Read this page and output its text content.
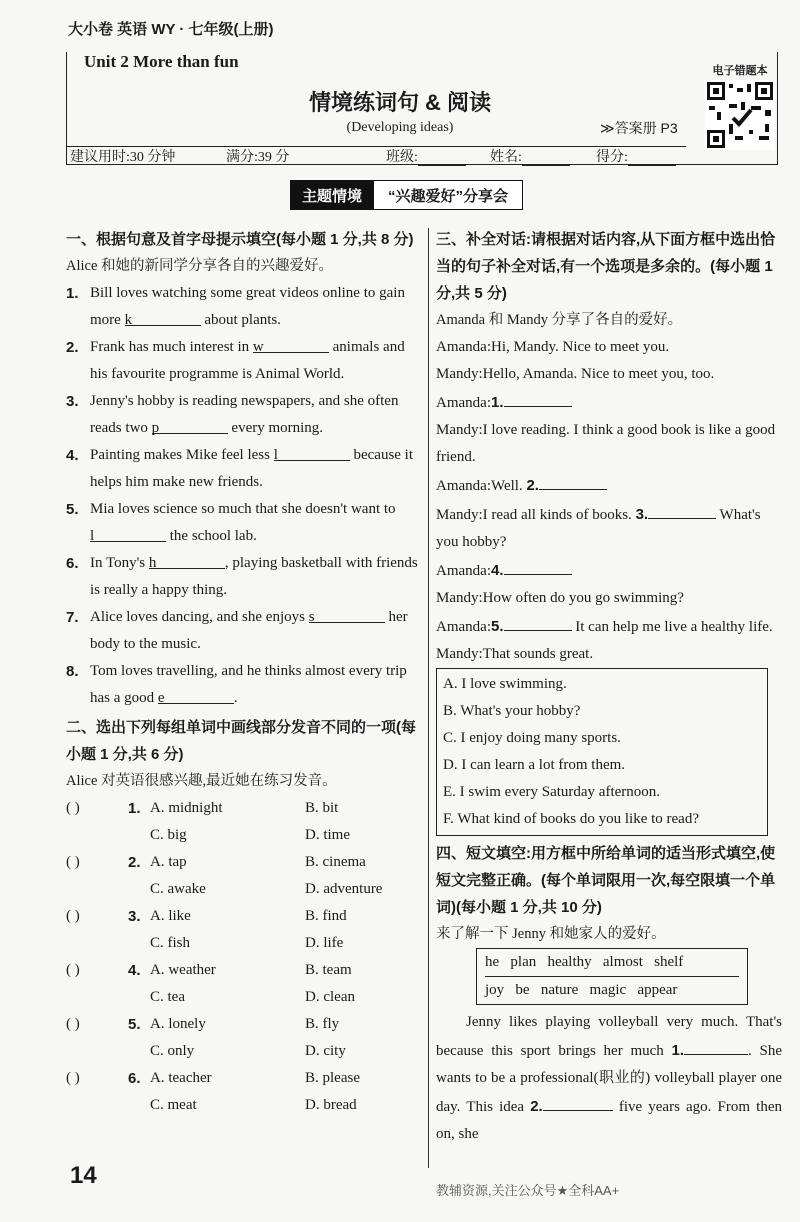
大小卷 英语 WY · 七年级(上册)
Unit 2 More than fun
情境练词句 & 阅读
(Developing ideas)	≫答案册 P3
建议用时:30 分钟	满分:39 分	班级:	姓名:	得分:
电子错题本
主题情境	“兴趣爱好”分享会
一、根据句意及首字母提示填空(每小题 1 分,共 8 分)
Alice 和她的新同学分享各自的兴趣爱好。
1. Bill loves watching some great videos online to gain more k	about plants.
2. Frank has much interest in w	animals and his favourite programme is Animal World.
3. Jenny's hobby is reading newspapers, and she often reads two p	every morning.
4. Painting makes Mike feel less l	because it helps him make new friends.
5. Mia loves science so much that she doesn't want to l	the school lab.
6. In Tony's h	, playing basketball with friends is really a happy thing.
7. Alice loves dancing, and she enjoys s	her body to the music.
8. Tom loves travelling, and he thinks almost every trip has a good e	.
二、选出下列每组单词中画线部分发音不同的一项(每小题 1 分,共 6 分)
Alice 对英语很感兴趣,最近她在练习发音。
( )	1. A. midnight	B. bit
C. big	D. time
( )	2. A. tap	B. cinema
C. awake	D. adventure
( )	3. A. like	B. find
C. fish	D. life
( )	4. A. weather	B. team
C. tea	D. clean
( )	5. A. lonely	B. fly
C. only	D. city
( )	6. A. teacher	B. please
C. meat	D. bread
三、补全对话:请根据对话内容,从下面方框中选出恰当的句子补全对话,有一个选项是多余的。(每小题 1 分,共 5 分)
Amanda 和 Mandy 分享了各自的爱好。
Amanda:Hi, Mandy. Nice to meet you.
Mandy:Hello, Amanda. Nice to meet you, too.
Amanda:1.
Mandy:I love reading. I think a good book is like a good friend.
Amanda:Well. 2.
Mandy:I read all kinds of books. 3.	What's you hobby?
Amanda:4.
Mandy:How often do you go swimming?
Amanda:5.	It can help me live a healthy life.
Mandy:That sounds great.
A. I love swimming.
B. What's your hobby?
C. I enjoy doing many sports.
D. I can learn a lot from them.
E. I swim every Saturday afternoon.
F. What kind of books do you like to read?
四、短文填空:用方框中所给单词的适当形式填空,使短文完整正确。(每个单词限用一次,每空限填一个单词)(每小题 1 分,共 10 分)
来了解一下 Jenny 和她家人的爱好。
he   plan   healthy   almost   shelf
joy   be   nature   magic   appear
Jenny likes playing volleyball very much. That's because this sport brings her much 1.	. She wants to be a professional(职业的) volleyball player one day. This idea 2.	five years ago. From then on, she
14
教辅资源,关注公众号★全科AA+
